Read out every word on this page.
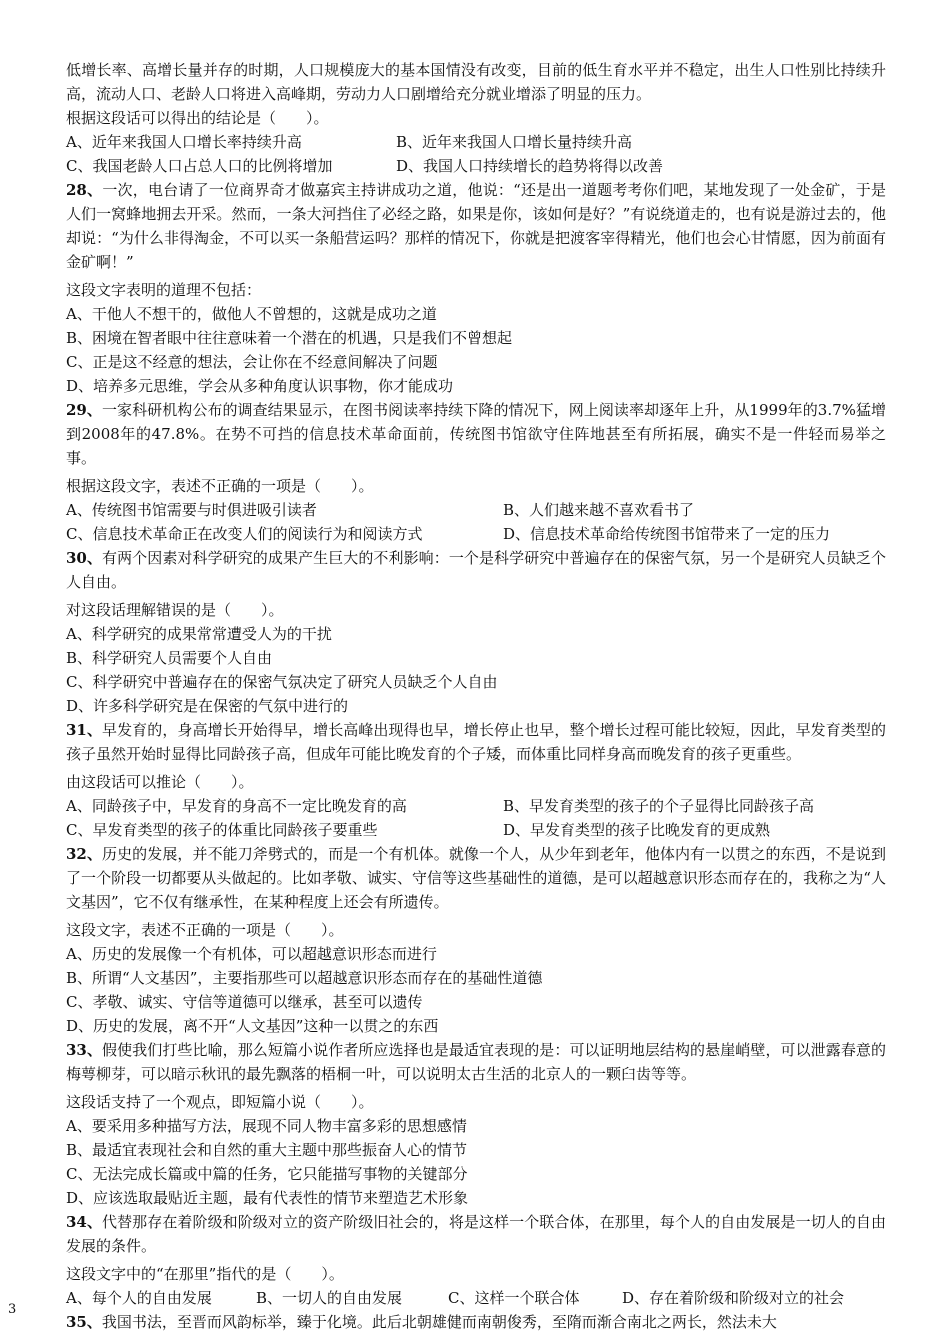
低增长率、高增长量并存的时期，人口规模庞大的基本国情没有改变，目前的低生育水平并不稳定，出生人口性别比持续升高，流动人口、老龄人口将进入高峰期，劳动力人口剧增给充分就业增添了明显的压力。

根据这段话可以得出的结论是（　　）。

A、近年来我国人口增长率持续升高	B、近年来我国人口增长量持续升高
C、我国老龄人口占总人口的比例将增加	D、我国人口持续增长的趋势将得以改善

28、一次，电台请了一位商界奇才做嘉宾主持讲成功之道，他说：“还是出一道题考考你们吧，某地发现了一处金矿，于是人们一窝蜂地拥去开采。然而，一条大河挡住了必经之路，如果是你，该如何是好？”有说绕道走的，也有说是游过去的，他却说：“为什么非得淘金，不可以买一条船营运吗？那样的情况下，你就是把渡客宰得精光，他们也会心甘情愿，因为前面有金矿啊！”

这段文字表明的道理不包括：

A、干他人不想干的，做他人不曾想的，这就是成功之道

B、困境在智者眼中往往意味着一个潜在的机遇，只是我们不曾想起

C、正是这不经意的想法，会让你在不经意间解决了问题

D、培养多元思维，学会从多种角度认识事物，你才能成功

29、一家科研机构公布的调查结果显示，在图书阅读率持续下降的情况下，网上阅读率却逐年上升，从1999年的3.7%猛增到2008年的47.8%。在势不可挡的信息技术革命面前，传统图书馆欲守住阵地甚至有所拓展，确实不是一件轻而易举之事。

根据这段文字，表述不正确的一项是（　　）。

A、传统图书馆需要与时俱进吸引读者	B、人们越来越不喜欢看书了
C、信息技术革命正在改变人们的阅读行为和阅读方式	D、信息技术革命给传统图书馆带来了一定的压力

30、有两个因素对科学研究的成果产生巨大的不利影响：一个是科学研究中普遍存在的保密气氛，另一个是研究人员缺乏个人自由。

对这段话理解错误的是（　　）。

A、科学研究的成果常常遭受人为的干扰

B、科学研究人员需要个人自由

C、科学研究中普遍存在的保密气氛决定了研究人员缺乏个人自由

D、许多科学研究是在保密的气氛中进行的

31、早发育的，身高增长开始得早，增长高峰出现得也早，增长停止也早，整个增长过程可能比较短，因此，早发育类型的孩子虽然开始时显得比同龄孩子高，但成年可能比晚发育的个子矮，而体重比同样身高而晚发育的孩子更重些。

由这段话可以推论（　　）。

A、同龄孩子中，早发育的身高不一定比晚发育的高	B、早发育类型的孩子的个子显得比同龄孩子高
C、早发育类型的孩子的体重比同龄孩子要重些	D、早发育类型的孩子比晚发育的更成熟

32、历史的发展，并不能刀斧劈式的，而是一个有机体。就像一个人，从少年到老年，他体内有一以贯之的东西，不是说到了一个阶段一切都要从头做起的。比如孝敬、诚实、守信等这些基础性的道德，是可以超越意识形态而存在的，我称之为“人文基因”，它不仅有继承性，在某种程度上还会有所遗传。

这段文字，表述不正确的一项是（　　）。

A、历史的发展像一个有机体，可以超越意识形态而进行

B、所谓“人文基因”，主要指那些可以超越意识形态而存在的基础性道德

C、孝敬、诚实、守信等道德可以继承，甚至可以遗传

D、历史的发展，离不开“人文基因”这种一以贯之的东西

33、假使我们打些比喻，那么短篇小说作者所应选择也是最适宜表现的是：可以证明地层结构的悬崖峭壁，可以泄露春意的梅萼柳芽，可以暗示秋讯的最先飘落的梧桐一叶，可以说明太古生活的北京人的一颗臼齿等等。

这段话支持了一个观点，即短篇小说（　　）。

A、要采用多种描写方法，展现不同人物丰富多彩的思想感情

B、最适宜表现社会和自然的重大主题中那些振奋人心的情节

C、无法完成长篇或中篇的任务，它只能描写事物的关键部分

D、应该选取最贴近主题，最有代表性的情节来塑造艺术形象

34、代替那存在着阶级和阶级对立的资产阶级旧社会的，将是这样一个联合体，在那里，每个人的自由发展是一切人的自由发展的条件。

这段文字中的“在那里”指代的是（　　）。

A、每个人的自由发展	B、一切人的自由发展	C、这样一个联合体	D、存在着阶级和阶级对立的社会

35、我国书法，至晋而风韵标举，臻于化境。此后北朝雄健而南朝俊秀，至隋而渐合南北之两长，然法未大

3
